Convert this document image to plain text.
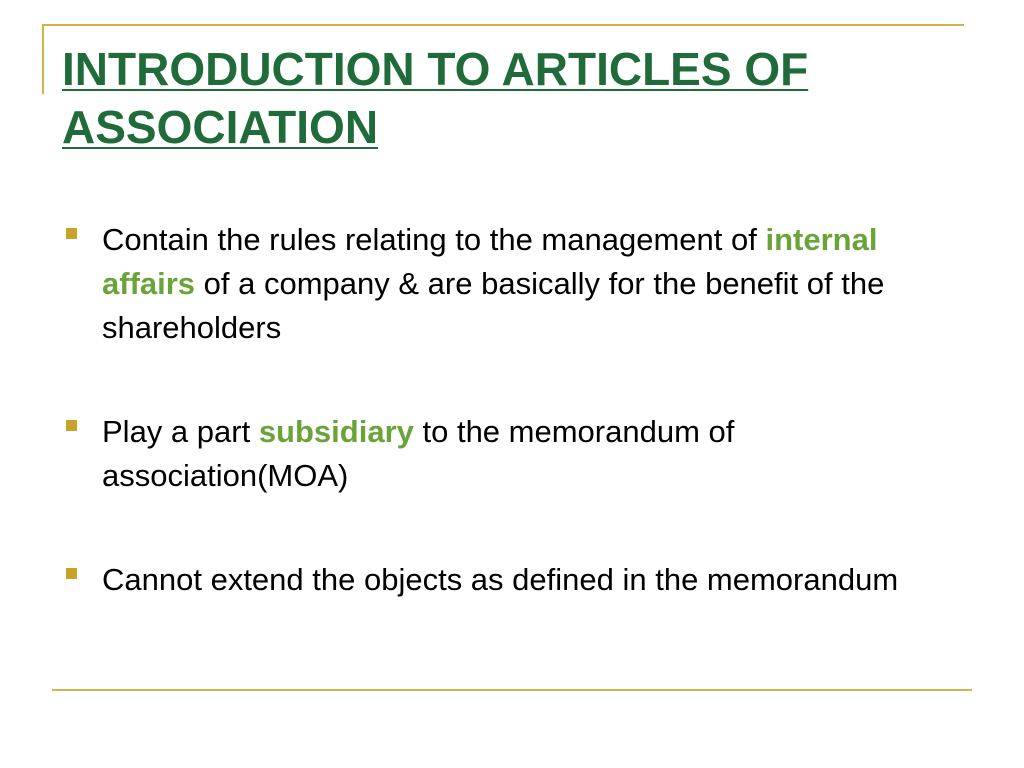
INTRODUCTION TO ARTICLES OF ASSOCIATION
Contain the rules relating to the management of internal affairs of a company & are basically for the benefit of the shareholders
Play a part subsidiary to the memorandum of association(MOA)
Cannot extend the objects as defined in the memorandum
